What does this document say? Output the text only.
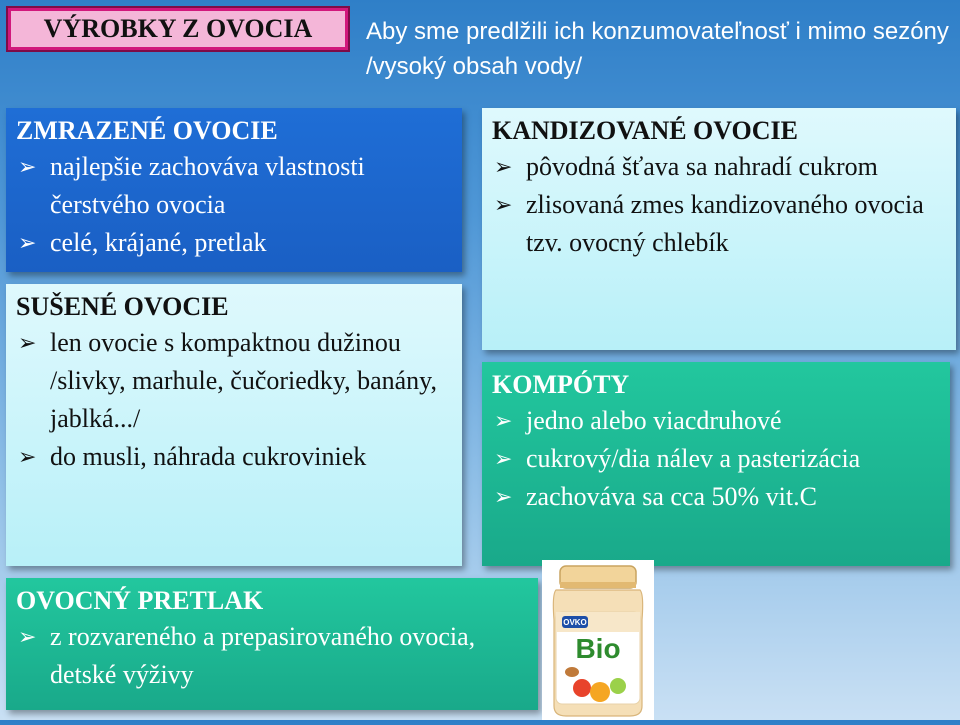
VÝROBKY Z OVOCIA	Aby sme predlžili ich konzumovateľnosť i mimo sezóny /vysoký obsah vody/
ZMRAZENÉ OVOCIE
➢ najlepšie zachováva vlastnosti čerstvého ovocia
➢ celé, krájané, pretlak
SUŠENÉ OVOCIE
➢ len ovocie s kompaktnou dužinou /slivky, marhule, čučoriedky, banány, jablká.../
➢ do musli, náhrada cukroviniek
KANDIZOVANÉ OVOCIE
➢ pôvodná šťava sa nahradí cukrom
➢ zlisovaná zmes kandizovaného ovocia tzv. ovocný chlebík
KOMPÓTY
➢ jedno alebo viacdruhové
➢ cukrový/dia nálev a pasterizácia
➢ zachováva sa cca 50% vit.C
OVOCNÝ PRETLAK
➢ z rozvareného a prepasirovaného ovocia, detské výživy
OVKO
Bio
